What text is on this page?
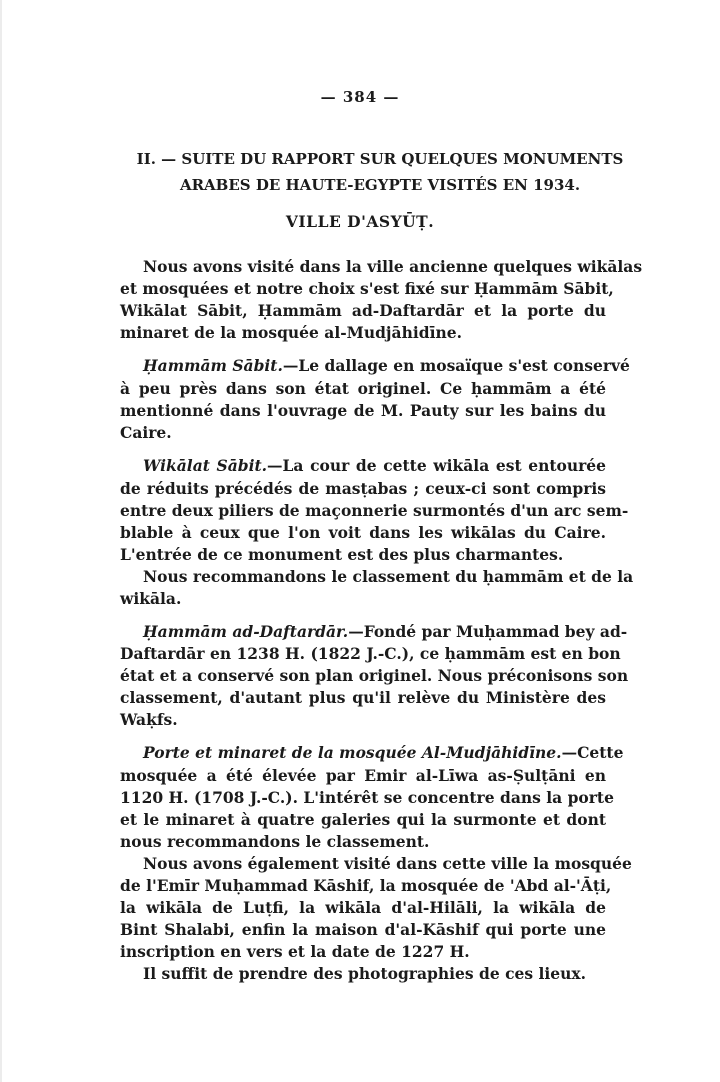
— 384 —
II. — SUITE DU RAPPORT SUR QUELQUES MONUMENTS
ARABES DE HAUTE-EGYPTE VISITÉS EN 1934.
VILLE D'ASYŪṬ.
Nous avons visité dans la ville ancienne quelques wikālas
et mosquées et notre choix s'est fixé sur Ḥammām Sābit,
Wikālat Sābit, Ḥammām ad-Daftardār et la porte du
minaret de la mosquée al-Mudjāhidīne.
Ḥammām Sābit.—Le dallage en mosaïque s'est conservé
à peu près dans son état originel. Ce ḥammām a été
mentionné dans l'ouvrage de M. Pauty sur les bains du
Caire.
Wikālat Sābit.—La cour de cette wikāla est entourée
de réduits précédés de masṭabas ; ceux-ci sont compris
entre deux piliers de maçonnerie surmontés d'un arc sem-
blable à ceux que l'on voit dans les wikālas du Caire.
L'entrée de ce monument est des plus charmantes.
Nous recommandons le classement du ḥammām et de la
wikāla.
Ḥammām ad-Daftardār.—Fondé par Muḥammad bey ad-
Daftardār en 1238 H. (1822 J.-C.), ce ḥammām est en bon
état et a conservé son plan originel. Nous préconisons son
classement, d'autant plus qu'il relève du Ministère des
Waḳfs.
Porte et minaret de la mosquée Al-Mudjāhidīne.—Cette
mosquée a été élevée par Emir al-Līwa as-Ṣulṭāni en
1120 H. (1708 J.-C.). L'intérêt se concentre dans la porte
et le minaret à quatre galeries qui la surmonte et dont
nous recommandons le classement.
Nous avons également visité dans cette ville la mosquée
de l'Emīr Muḥammad Kāshif, la mosquée de 'Abd al-'Āṭi,
la wikāla de Luṭfi, la wikāla d'al-Hilāli, la wikāla de
Bint Shalabi, enfin la maison d'al-Kāshif qui porte une
inscription en vers et la date de 1227 H.
Il suffit de prendre des photographies de ces lieux.
